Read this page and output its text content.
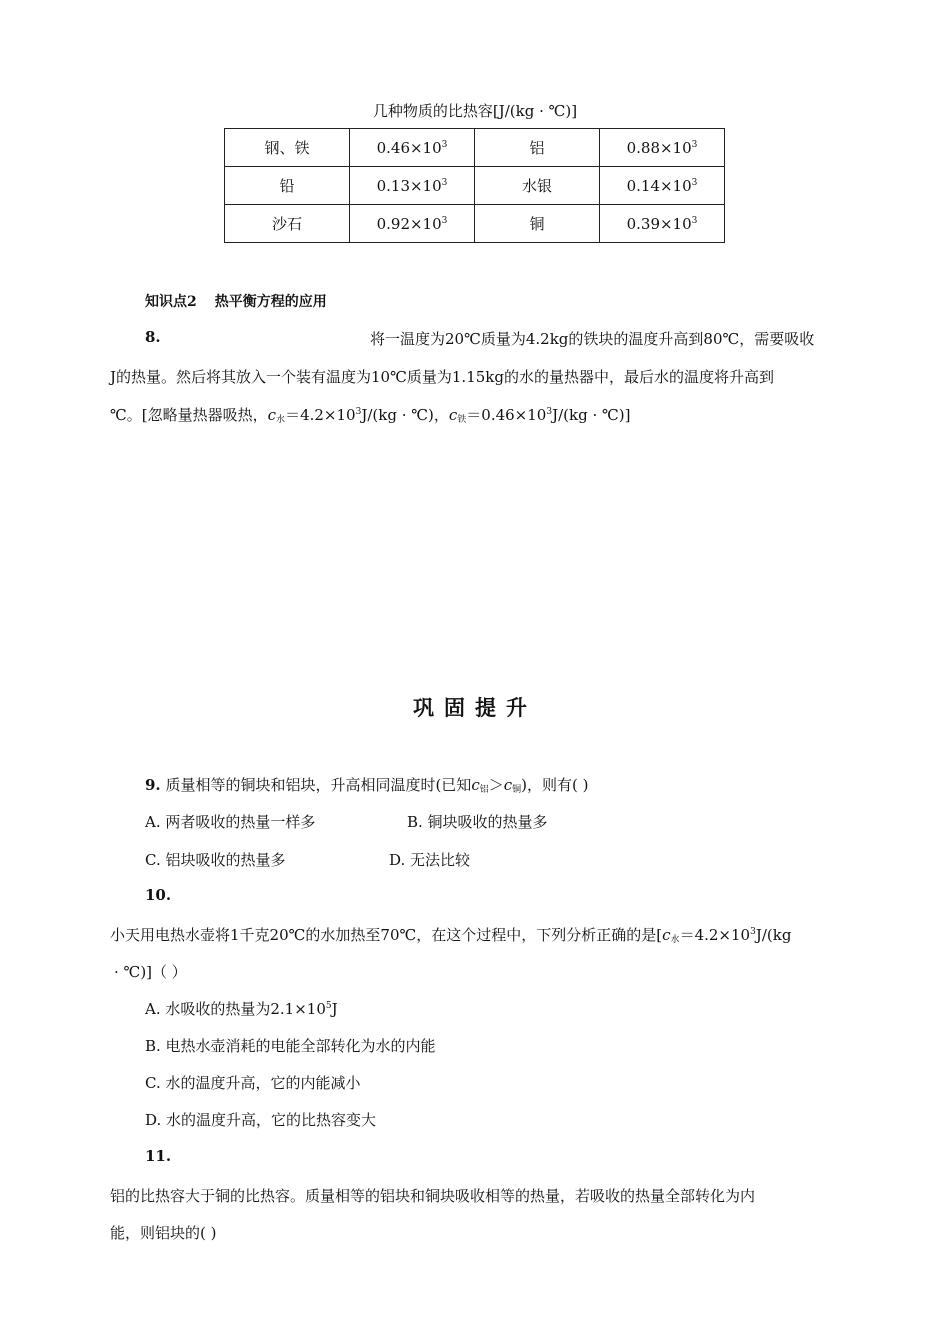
几种物质的比热容[J/(kg · ℃)]
钢、铁	$0.46\times 10^3$	铝	$0.88\times 10^3$
铅	$0.13\times 10^3$	水银	$0.14\times 10^3$
沙石	$0.92\times 10^3$	铜	$0.39\times 10^3$
知识点2 热平衡方程的应用
8.	将一温度为20℃质量为4.2kg的铁块的温度升高到80℃，需要吸收
J的热量。然后将其放入一个装有温度为10℃质量为1.15kg的水的量热器中，最后水的温度将升高到
℃。[忽略量热器吸热，$c_水=4.2\times 10^3J/(kg$ · ℃)，$c_铁=0.46\times 10^3J/(kg$ · ℃)]
巩固提升
9. 质量相等的铜块和铝块，升高相同温度时(已知$c_铝>c_铜$)，则有( )
A. 两者吸收的热量一样多	B. 铜块吸收的热量多
C. 铝块吸收的热量多	D. 无法比较
10.
小天用电热水壶将1千克20℃的水加热至70℃，在这个过程中，下列分析正确的是[$c_水=4.2\times 10^3J/(kg$
· ℃)]（ ）
A. 水吸收的热量为$2.1\times 10^5J$
B. 电热水壶消耗的电能全部转化为水的内能
C. 水的温度升高，它的内能减小
D. 水的温度升高，它的比热容变大
11.
铝的比热容大于铜的比热容。质量相等的铝块和铜块吸收相等的热量，若吸收的热量全部转化为内
能，则铝块的( )
